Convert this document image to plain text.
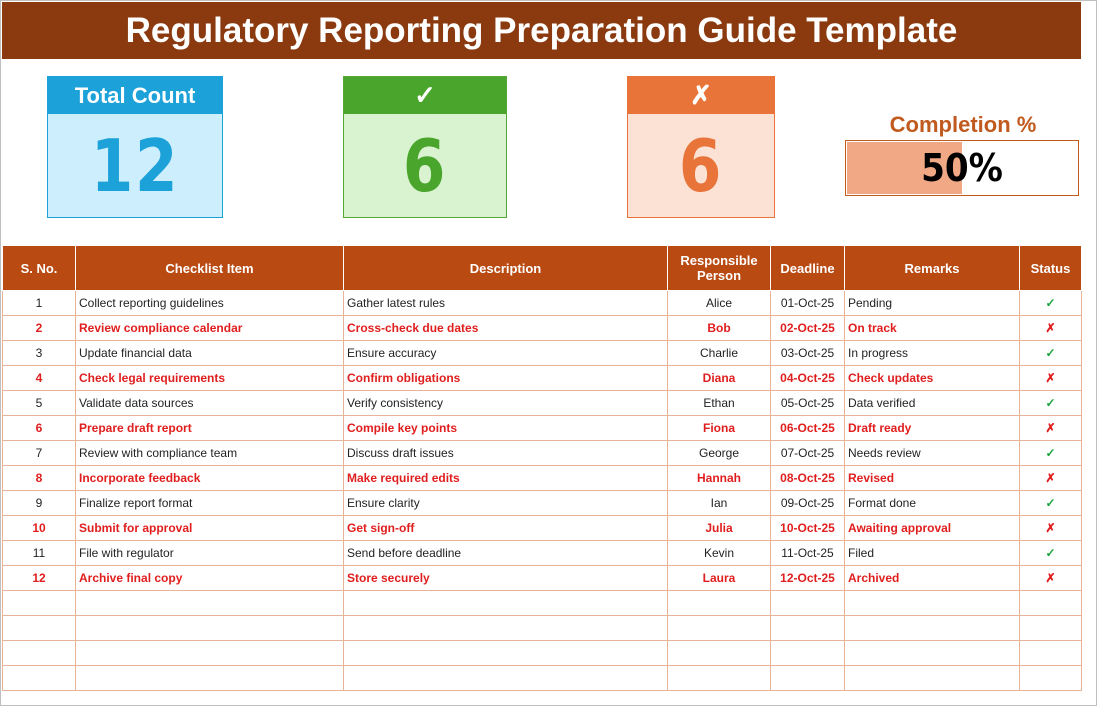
Regulatory Reporting Preparation Guide Template
Total Count
12
✓
6
✗
6	Completion %
50%
S. No.	Checklist Item	Description	Responsible Person	Deadline	Remarks	Status
1	Collect reporting guidelines	Gather latest rules	Alice	01-Oct-25	Pending	✓
2	Review compliance calendar	Cross-check due dates	Bob	02-Oct-25	On track	✗
3	Update financial data	Ensure accuracy	Charlie	03-Oct-25	In progress	✓
4	Check legal requirements	Confirm obligations	Diana	04-Oct-25	Check updates	✗
5	Validate data sources	Verify consistency	Ethan	05-Oct-25	Data verified	✓
6	Prepare draft report	Compile key points	Fiona	06-Oct-25	Draft ready	✗
7	Review with compliance team	Discuss draft issues	George	07-Oct-25	Needs review	✓
8	Incorporate feedback	Make required edits	Hannah	08-Oct-25	Revised	✗
9	Finalize report format	Ensure clarity	Ian	09-Oct-25	Format done	✓
10	Submit for approval	Get sign-off	Julia	10-Oct-25	Awaiting approval	✗
11	File with regulator	Send before deadline	Kevin	11-Oct-25	Filed	✓
12	Archive final copy	Store securely	Laura	12-Oct-25	Archived	✗
